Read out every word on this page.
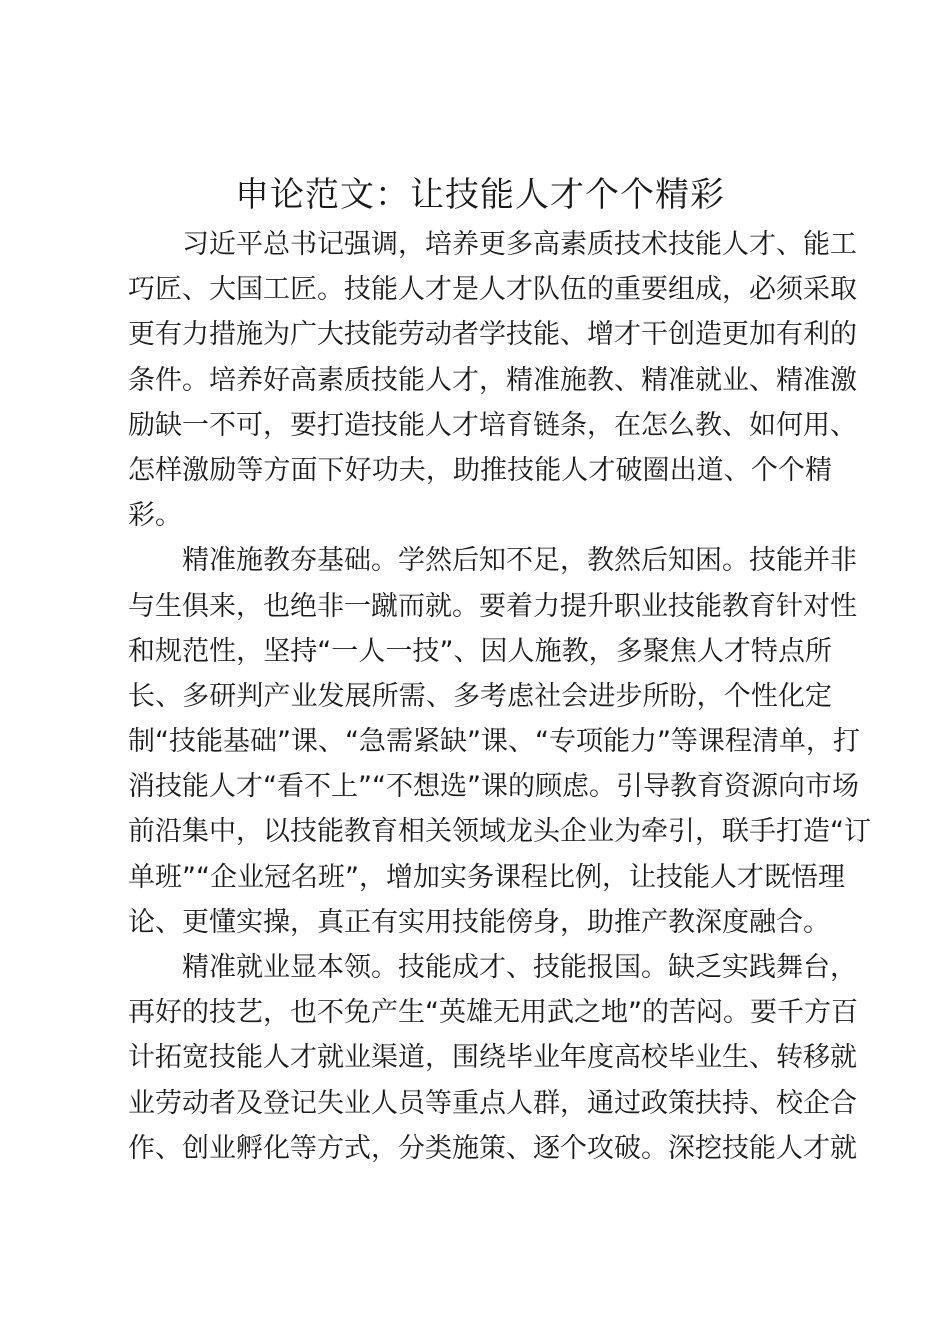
申论范文：让技能人才个个精彩
习近平总书记强调，培养更多高素质技术技能人才、能工
巧匠、大国工匠。技能人才是人才队伍的重要组成，必须采取
更有力措施为广大技能劳动者学技能、增才干创造更加有利的
条件。培养好高素质技能人才，精准施教、精准就业、精准激
励缺一不可，要打造技能人才培育链条，在怎么教、如何用、
怎样激励等方面下好功夫，助推技能人才破圈出道、个个精
彩。
精准施教夯基础。学然后知不足，教然后知困。技能并非
与生俱来，也绝非一蹴而就。要着力提升职业技能教育针对性
和规范性，坚持“一人一技”、因人施教，多聚焦人才特点所
长、多研判产业发展所需、多考虑社会进步所盼，个性化定
制“技能基础”课、“急需紧缺”课、“专项能力”等课程清单，打
消技能人才“看不上”“不想选”课的顾虑。引导教育资源向市场
前沿集中，以技能教育相关领域龙头企业为牵引，联手打造“订
单班”“企业冠名班”，增加实务课程比例，让技能人才既悟理
论、更懂实操，真正有实用技能傍身，助推产教深度融合。
精准就业显本领。技能成才、技能报国。缺乏实践舞台，
再好的技艺，也不免产生“英雄无用武之地”的苦闷。要千方百
计拓宽技能人才就业渠道，围绕毕业年度高校毕业生、转移就
业劳动者及登记失业人员等重点人群，通过政策扶持、校企合
作、创业孵化等方式，分类施策、逐个攻破。深挖技能人才就
